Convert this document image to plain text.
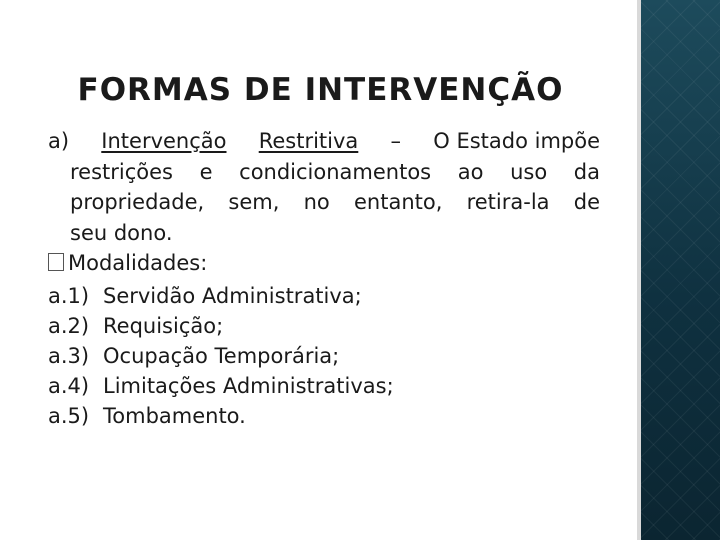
FORMAS DE INTERVENÇÃO
a) Intervenção Restritiva – O Estado impõe
restrições e condicionamentos ao uso da
propriedade, sem, no entanto, retira-la de
seu dono.
Modalidades:
a.1) Servidão Administrativa;
a.2) Requisição;
a.3) Ocupação Temporária;
a.4) Limitações Administrativas;
a.5) Tombamento.
